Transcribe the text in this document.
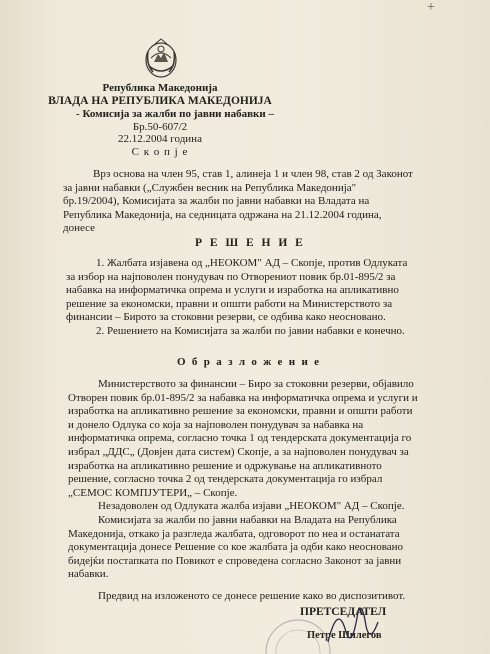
+
Република Македонија
ВЛАДА НА РЕПУБЛИКА МАКЕДОНИЈА
- Комисија за жалби по јавни набавки –
Бр.50-607/2
22.12.2004 година
С к о п ј е
Врз основа на член 95, став 1, алинеја 1 и член 98, став 2 од Законот
за јавни набавки („Службен весник на Република Македонија"
бр.19/2004), Комисијата за жалби по јавни набавки на Владата на
Република Македонија, на седницата одржана на 21.12.2004 година,
донесе
Р Е Ш Е Н И Е
1. Жалбата изјавена од „НЕОКОМ" АД – Скопје, против Одлуката
за избор на најповолен понудувач по Отворениот повик бр.01-895/2 за
набавка на информатичка опрема и услуги и изработка на апликативно
решение за економски, правни и општи работи на Министерството за
финансии – Бирото за стоковни резерви, се одбива како неосновано.
2. Решението на Комисијата за жалби по јавни набавки е конечно.
О б р а з л о ж е н и е
Министерството за финансии – Биро за стоковни резерви, објавило
Отворен повик бр.01-895/2 за набавка на информатичка опрема и услуги и
изработка на апликативно решение за економски, правни и општи работи
и донело Одлука со која за најповолен понудувач за набавка на
информатичка опрема, согласно точка 1 од тендерската документација го
избрал „ДДС„ (Довјен дата систем) Скопје, а за најповолен понудувач за
изработка на апликативно решение и одржување на апликативното
решение, согласно точка 2 од тендерската документација го избрал
„СЕМОС КОМПЈУТЕРИ„ – Скопје.
Незадоволен од Одлуката жалба изјави „НЕОКОМ" АД – Скопје.
Комисијата за жалби по јавни набавки на Владата на Република
Македонија, откако ја разгледа жалбата, одговорот по неа и останатата
документација донесе Решение со кое жалбата ја одби како неосновано
бидејќи постапката по Повикот е спроведена согласно Законот за јавни
набавки.
Предвид на изложеното се донесе решение како во диспозитивот.
ПРЕТСЕДАТЕЛ
Петре Шилегов
